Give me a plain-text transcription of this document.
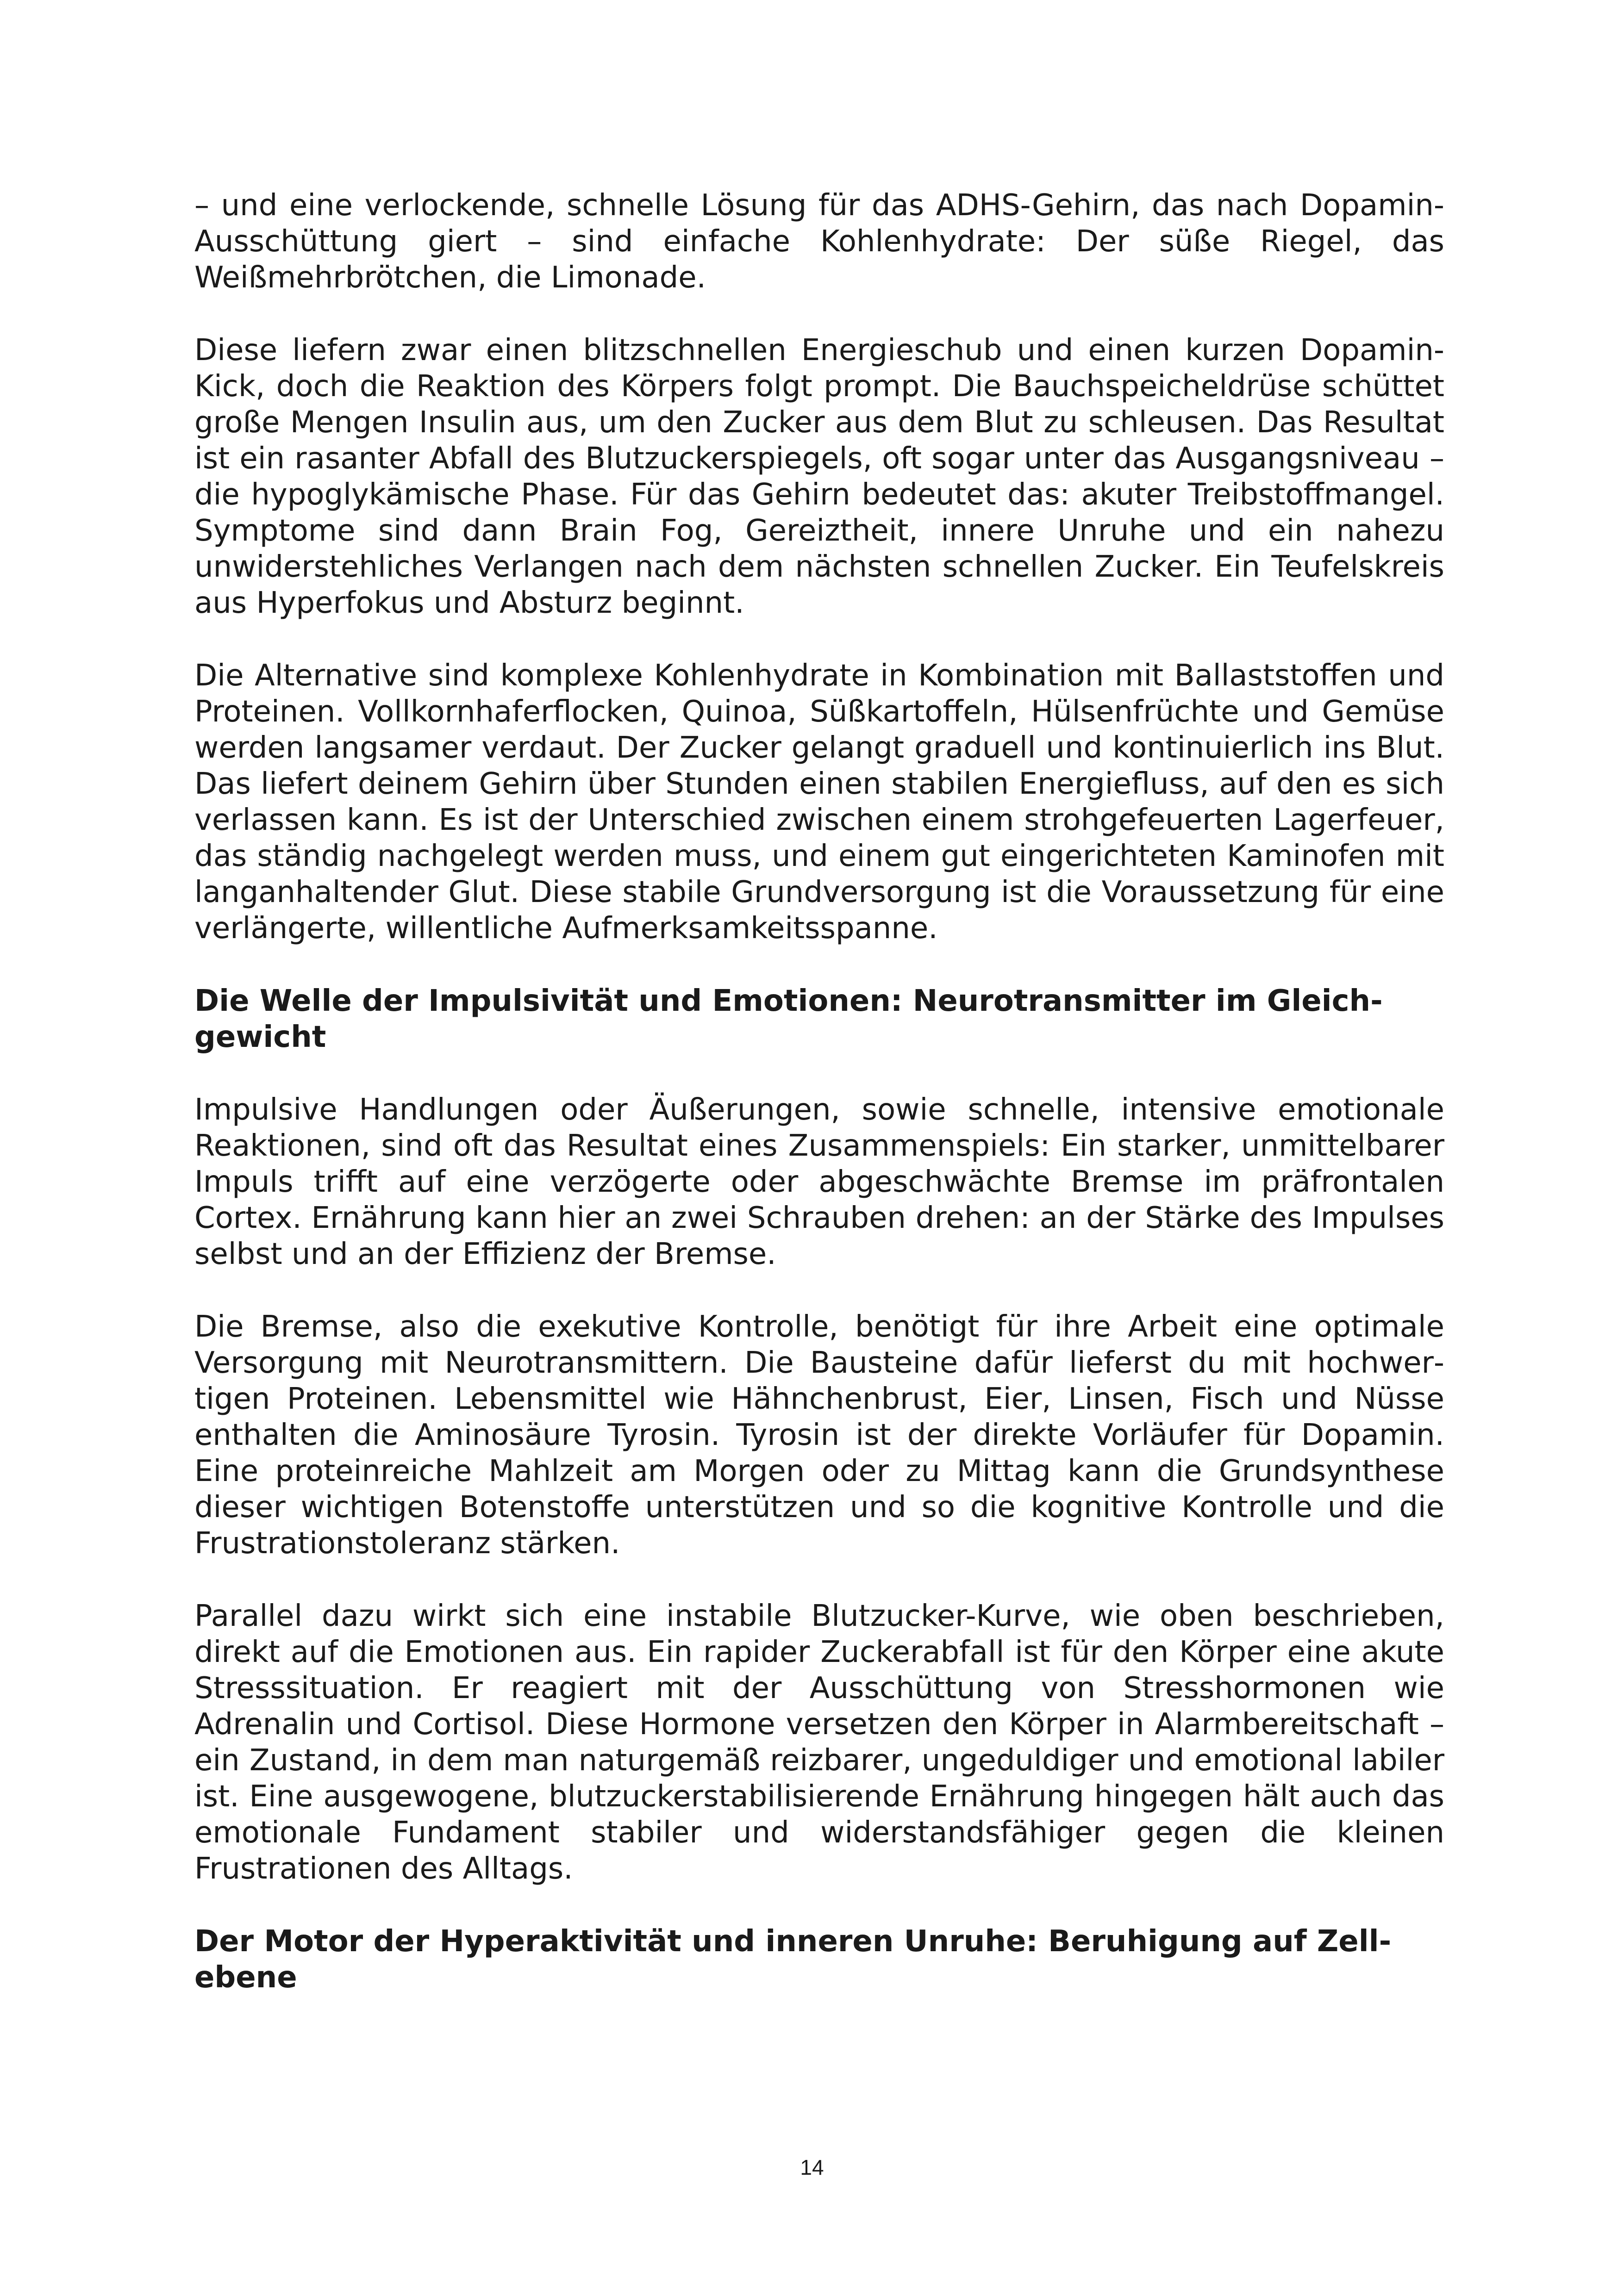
– und eine verlockende, schnelle Lösung für das ADHS-Gehirn, das nach Dopamin-Ausschüttung giert – sind einfache Kohlenhydrate: Der süße Riegel, das Weißmehrbrötchen, die Limonade.

Diese liefern zwar einen blitzschnellen Energieschub und einen kurzen Dopamin-Kick, doch die Reaktion des Körpers folgt prompt. Die Bauchspeicheldrüse schüttet große Mengen Insulin aus, um den Zucker aus dem Blut zu schleusen. Das Resultat ist ein rasanter Abfall des Blutzuckerspiegels, oft sogar unter das Ausgangsniveau – die hypoglykämische Phase. Für das Gehirn bedeutet das: akuter Treibstoffmangel. Symptome sind dann Brain Fog, Gereiztheit, innere Unruhe und ein nahezu unwiderstehliches Verlangen nach dem nächsten schnellen Zucker. Ein Teufelskreis aus Hyperfokus und Absturz beginnt.

Die Alternative sind komplexe Kohlenhydrate in Kombination mit Ballaststoffen und Proteinen. Vollkornhaferflocken, Quinoa, Süßkartoffeln, Hülsenfrüchte und Gemüse werden langsamer verdaut. Der Zucker gelangt graduell und kontinuierlich ins Blut. Das liefert deinem Gehirn über Stunden einen stabilen Energiefluss, auf den es sich verlassen kann. Es ist der Unterschied zwischen einem strohgefeuerten Lagerfeuer, das ständig nachgelegt werden muss, und einem gut eingerichteten Kaminofen mit langanhaltender Glut. Diese stabile Grundversorgung ist die Voraussetzung für eine verlängerte, willentliche Aufmerksamkeitsspanne.

Die Welle der Impulsivität und Emotionen: Neurotransmitter im Gleichgewicht

Impulsive Handlungen oder Äußerungen, sowie schnelle, intensive emotionale Reaktionen, sind oft das Resultat eines Zusammenspiels: Ein starker, unmittelbarer Impuls trifft auf eine verzögerte oder abgeschwächte Bremse im präfrontalen Cortex. Ernährung kann hier an zwei Schrauben drehen: an der Stärke des Impulses selbst und an der Effizienz der Bremse.

Die Bremse, also die exekutive Kontrolle, benötigt für ihre Arbeit eine optimale Versorgung mit Neurotransmittern. Die Bausteine dafür lieferst du mit hochwertigen Proteinen. Lebensmittel wie Hähnchenbrust, Eier, Linsen, Fisch und Nüsse enthalten die Aminosäure Tyrosin. Tyrosin ist der direkte Vorläufer für Dopamin. Eine proteinreiche Mahlzeit am Morgen oder zu Mittag kann die Grundsynthese dieser wichtigen Botenstoffe unterstützen und so die kognitive Kontrolle und die Frustrationstoleranz stärken.

Parallel dazu wirkt sich eine instabile Blutzucker-Kurve, wie oben beschrieben, direkt auf die Emotionen aus. Ein rapider Zuckerabfall ist für den Körper eine akute Stresssituation. Er reagiert mit der Ausschüttung von Stresshormonen wie Adrenalin und Cortisol. Diese Hormone versetzen den Körper in Alarmbereitschaft – ein Zustand, in dem man naturgemäß reizbarer, ungeduldiger und emotional labiler ist. Eine ausgewogene, blutzuckerstabilisierende Ernährung hingegen hält auch das emotionale Fundament stabiler und widerstandsfähiger gegen die kleinen Frustrationen des Alltags.

Der Motor der Hyperaktivität und inneren Unruhe: Beruhigung auf Zellebene
14
